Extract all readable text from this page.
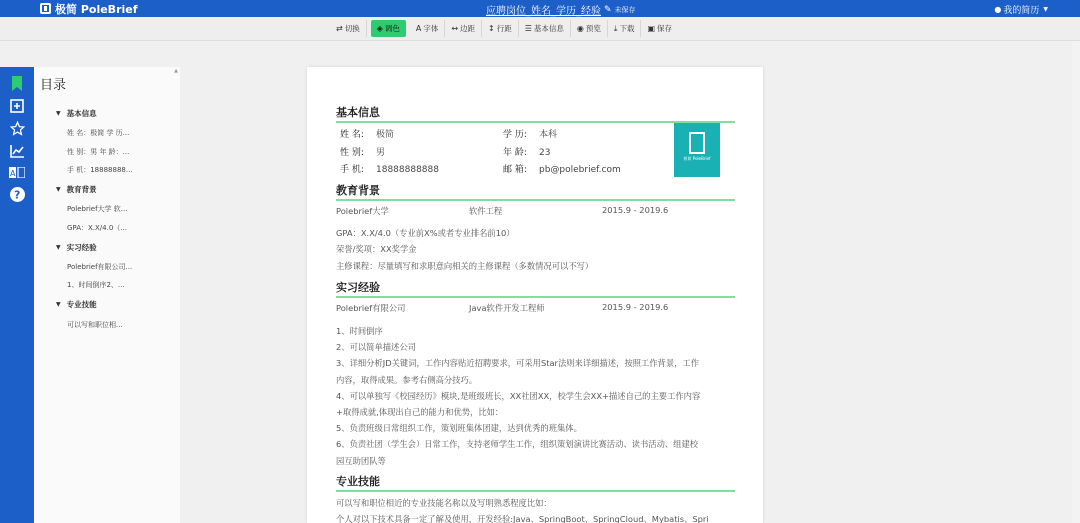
极简 PoleBrief	应聘岗位_姓名_学历_经验 ✎ 未保存	● 我的简历 ▼
⇄ 切换 ◈ 调色 A 字体 ↔ 边距 ↕ 行距 ☰ 基本信息 ◉ 预览 ⤓ 下载 ▣ 保存
A
?
目录
▲
▼ 基本信息
姓 名：极简 学 历...
性 别：男 年 龄：...
手 机：18888888...
▼ 教育背景
Polebrief大学 软...
GPA：X.X/4.0（...
▼ 实习经验
Polebrief有限公司...
1、时间倒序2、...
▼ 专业技能
可以写和职位相...
基本信息
姓 名: 极简	学 历: 本科
性 别: 男	年 龄: 23
手 机: 18888888888	邮 箱: pb@polebrief.com
极简 PoleBrief
教育背景
Polebrief大学	软件工程	2015.9 - 2019.6
GPA：X.X/4.0（专业前X%或者专业排名前10）
荣誉/奖项：XX奖学金
主修课程：尽量填写和求职意向相关的主修课程（多数情况可以不写）
实习经验
Polebrief有限公司	Java软件开发工程师	2015.9 - 2019.6
1、时间倒序
2、可以简单描述公司
3、详细分析JD关键词，工作内容贴近招聘要求，可采用Star法则来详细描述，按照工作背景，工作
内容，取得成果。参考右侧高分技巧。
4、可以单独写《校园经历》模块,是班级班长，XX社团XX，校学生会XX+描述自己的主要工作内容
+取得成就,体现出自己的能力和优势，比如：
5、负责班级日常组织工作，策划班集体团建，达到优秀的班集体。
6、负责社团（学生会）日常工作，支持老师学生工作，组织策划演讲比赛活动、读书活动、组建校
园互助团队等
专业技能
可以写和职位相近的专业技能名称以及写明熟悉程度比如：
个人对以下技术具备一定了解及使用，开发经验:Java、SpringBoot、SpringCloud、Mybatis、Spri
